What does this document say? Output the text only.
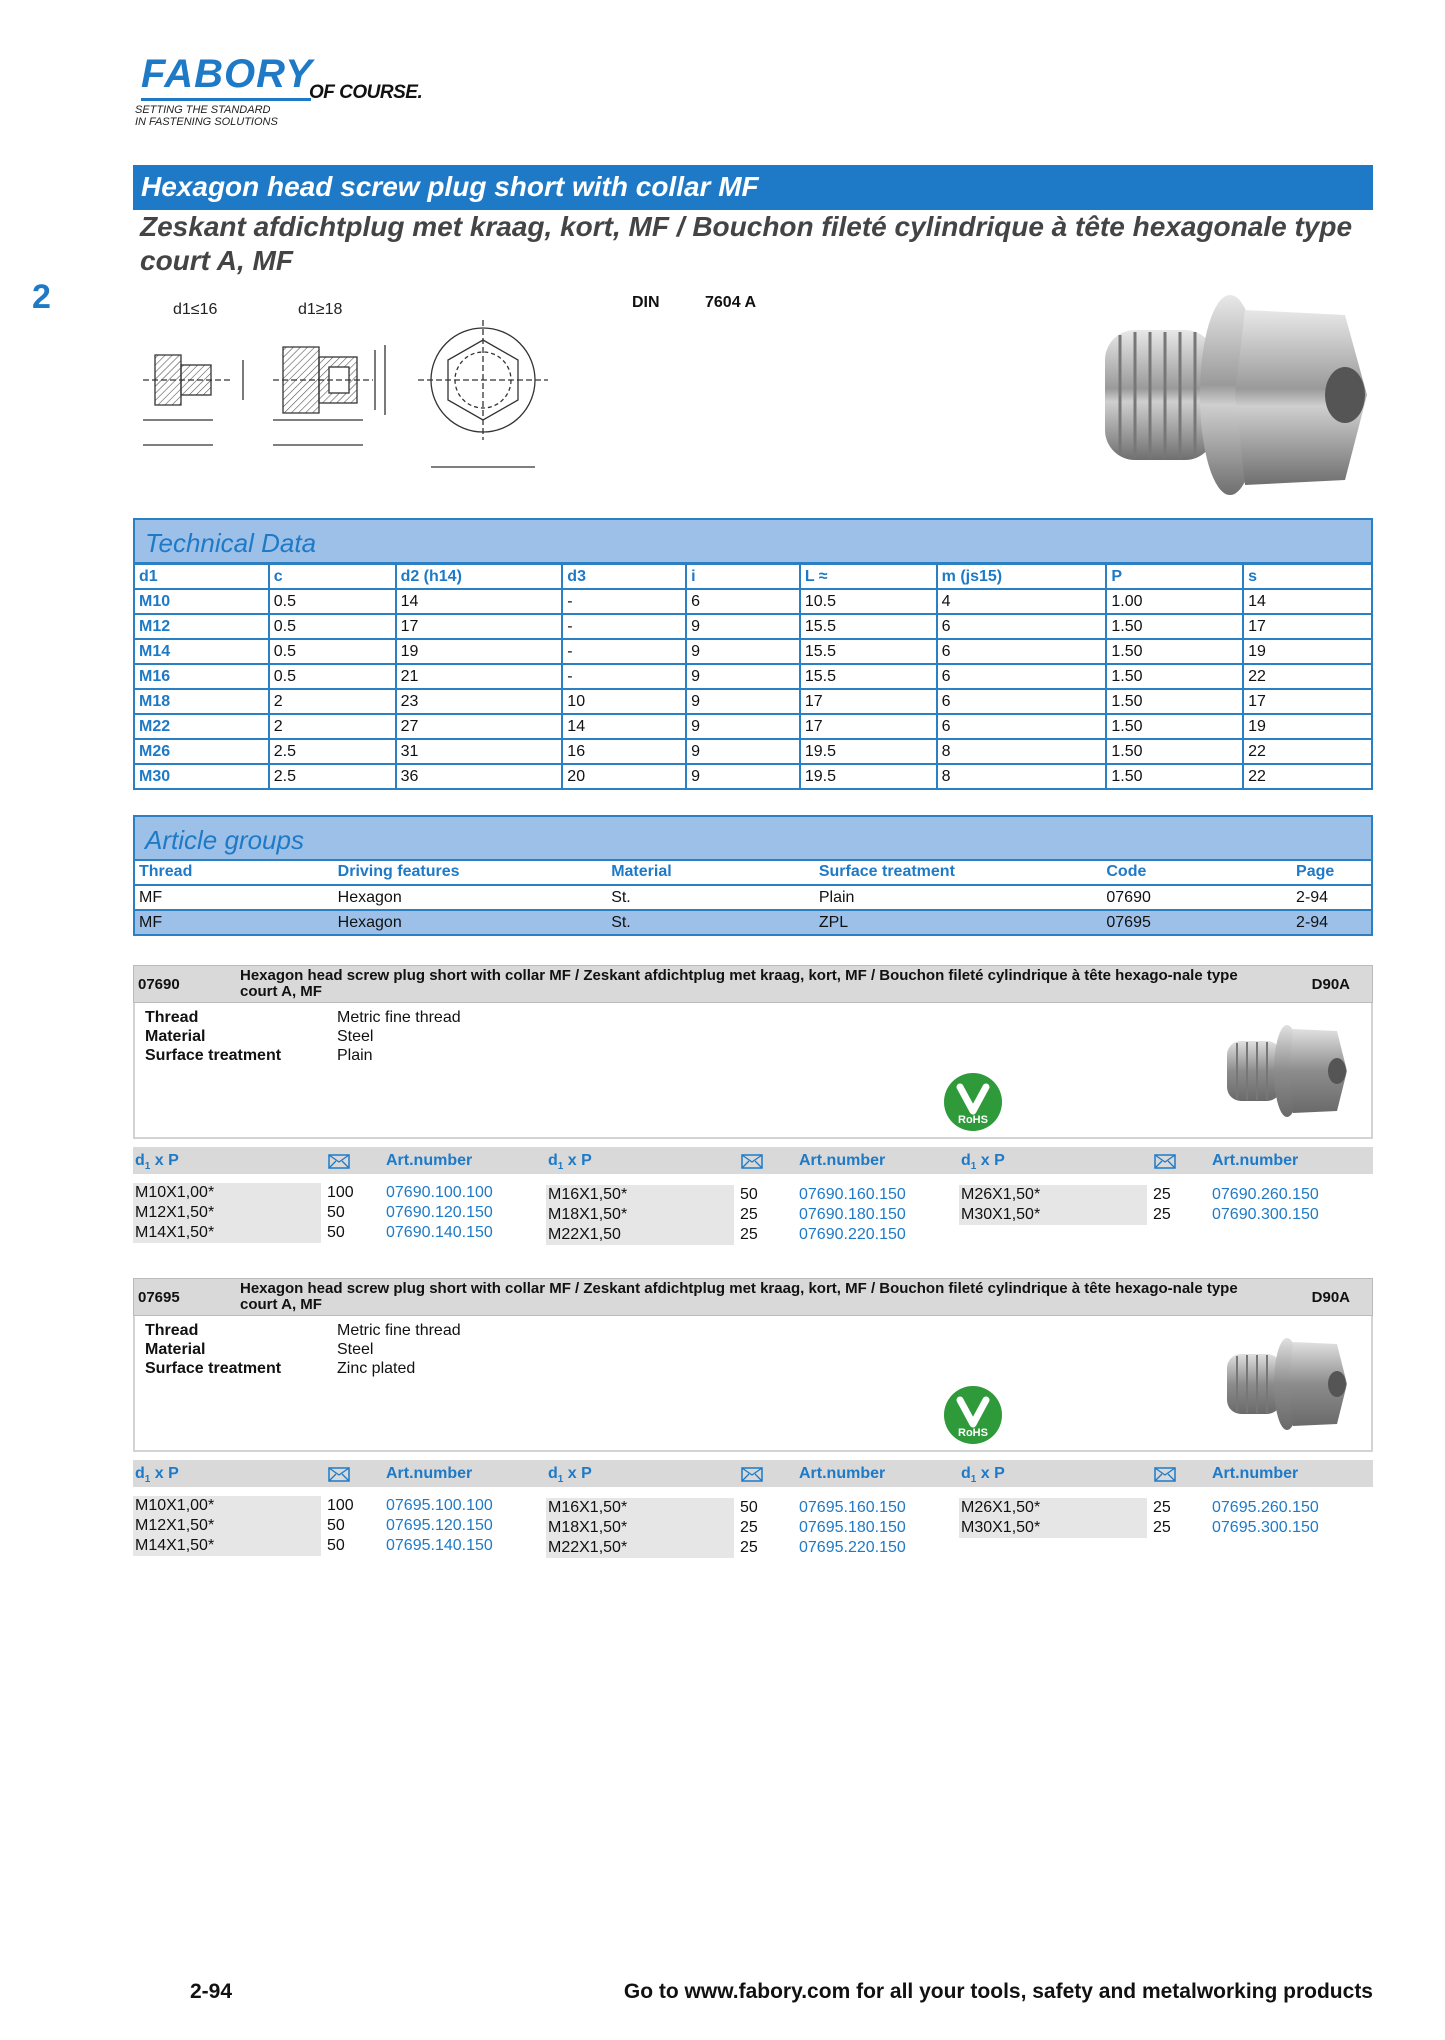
FABORY
OF COURSE.
SETTING THE STANDARD
IN FASTENING SOLUTIONS
Hexagon head screw plug short with collar MF
Zeskant afdichtplug met kraag, kort, MF / Bouchon fileté cylindrique à tête hexagonale type court A, MF
2	d1≤16	d1≥18	DIN	7604 A
Technical Data
d1	c	d2 (h14)	d3	i	L ≈	m (js15)	P	s
M10	0.5	14	-	6	10.5	4	1.00	14
M12	0.5	17	-	9	15.5	6	1.50	17
M14	0.5	19	-	9	15.5	6	1.50	19
M16	0.5	21	-	9	15.5	6	1.50	22
M18	2	23	10	9	17	6	1.50	17
M22	2	27	14	9	17	6	1.50	19
M26	2.5	31	16	9	19.5	8	1.50	22
M30	2.5	36	20	9	19.5	8	1.50	22
Article groups
Thread	Driving features	Material	Surface treatment	Code	Page
MF	Hexagon	St.	Plain	07690	2-94
MF	Hexagon	St.	ZPL	07695	2-94
07690
Hexagon head screw plug short with collar MF / Zeskant afdichtplug met kraag, kort, MF / Bouchon fileté cylindrique à tête hexago-nale type court A, MF	D90A
Thread	Metric fine thread
Material	Steel
Surface treatment	Plain
RoHS
$d_1$ x P	Art.number	$d_1$ x P	Art.number	$d_1$ x P	Art.number
M10X1,00*	100 07690.100.100
M12X1,50*	50	07690.120.150
M14X1,50*	50	07690.140.150
M16X1,50*	50	07690.160.150
M18X1,50*	25	07690.180.150
M22X1,50	25	07690.220.150
M26X1,50*	25	07690.260.150
M30X1,50*	25	07690.300.150
07695
Hexagon head screw plug short with collar MF / Zeskant afdichtplug met kraag, kort, MF / Bouchon fileté cylindrique à tête hexago-nale type court A, MF	D90A
Thread	Metric fine thread
Material	Steel
Surface treatment	Zinc plated
RoHS
$d_1$ x P	Art.number	$d_1$ x P	Art.number	$d_1$ x P	Art.number
M10X1,00*	100 07695.100.100
M12X1,50*	50	07695.120.150
M14X1,50*	50	07695.140.150
M16X1,50*	50	07695.160.150
M18X1,50*	25	07695.180.150
M22X1,50*	25	07695.220.150
M26X1,50*	25	07695.260.150
M30X1,50*	25	07695.300.150
2-94	Go to www.fabory.com for all your tools, safety and metalworking products
